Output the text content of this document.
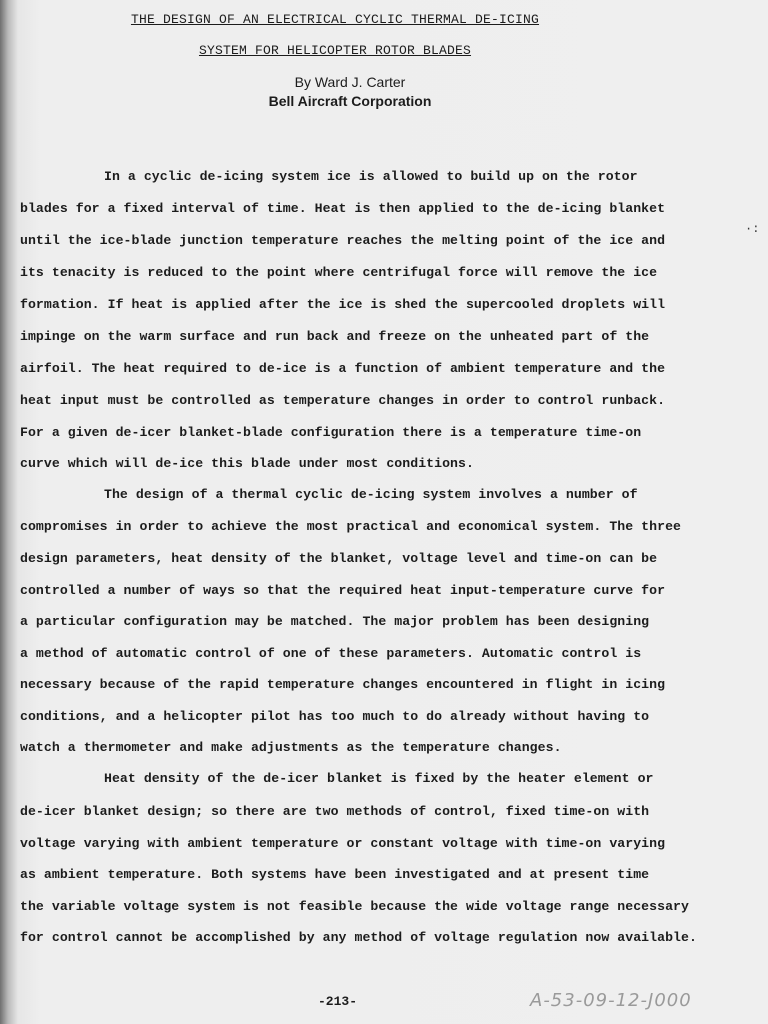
THE DESIGN OF AN ELECTRICAL CYCLIC THERMAL DE-ICING
SYSTEM FOR HELICOPTER ROTOR BLADES
By Ward J. Carter
Bell Aircraft Corporation
In a cyclic de-icing system ice is allowed to build up on the rotor
blades for a fixed interval of time. Heat is then applied to the de-icing blanket
until the ice-blade junction temperature reaches the melting point of the ice and
its tenacity is reduced to the point where centrifugal force will remove the ice
formation. If heat is applied after the ice is shed the supercooled droplets will
impinge on the warm surface and run back and freeze on the unheated part of the
airfoil. The heat required to de-ice is a function of ambient temperature and the
heat input must be controlled as temperature changes in order to control runback.
For a given de-icer blanket-blade configuration there is a temperature time-on
curve which will de-ice this blade under most conditions.
The design of a thermal cyclic de-icing system involves a number of
compromises in order to achieve the most practical and economical system. The three
design parameters, heat density of the blanket, voltage level and time-on can be
controlled a number of ways so that the required heat input-temperature curve for
a particular configuration may be matched. The major problem has been designing
a method of automatic control of one of these parameters. Automatic control is
necessary because of the rapid temperature changes encountered in flight in icing
conditions, and a helicopter pilot has too much to do already without having to
watch a thermometer and make adjustments as the temperature changes.
Heat density of the de-icer blanket is fixed by the heater element or
de-icer blanket design; so there are two methods of control, fixed time-on with
voltage varying with ambient temperature or constant voltage with time-on varying
as ambient temperature. Both systems have been investigated and at present time
the variable voltage system is not feasible because the wide voltage range necessary
for control cannot be accomplished by any method of voltage regulation now available.
·:
-213-	A-53-09-12-J000
